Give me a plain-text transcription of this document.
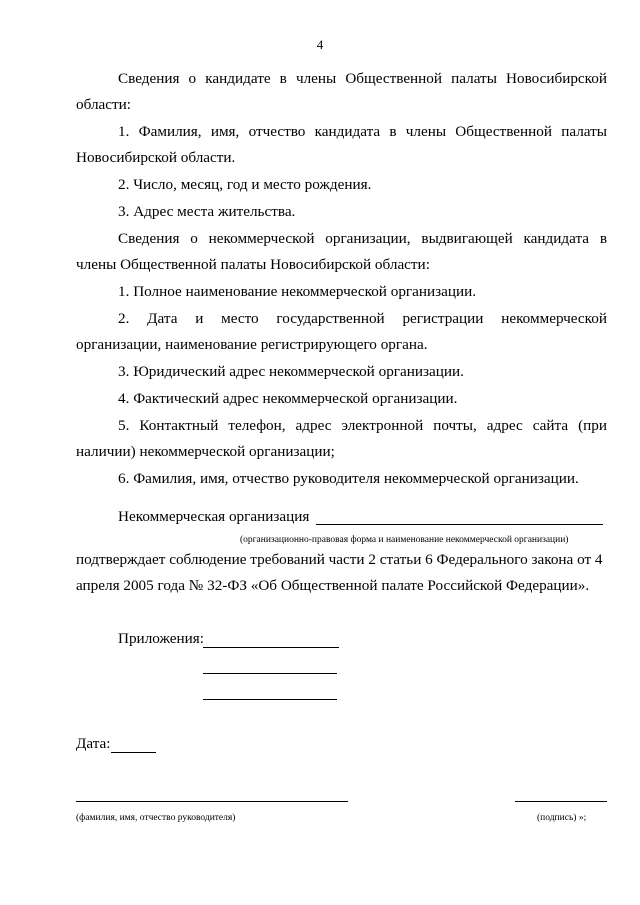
4

Сведения о кандидате в члены Общественной палаты Новосибирской области:

1. Фамилия, имя, отчество кандидата в члены Общественной палаты Новосибирской области.

2. Число, месяц, год и место рождения.

3. Адрес места жительства.

Сведения о некоммерческой организации, выдвигающей кандидата в члены Общественной палаты Новосибирской области:

1. Полное наименование некоммерческой организации.

2. Дата и место государственной регистрации некоммерческой организации, наименование регистрирующего органа.

3. Юридический адрес некоммерческой организации.

4. Фактический адрес некоммерческой организации.

5. Контактный телефон, адрес электронной почты, адрес сайта (при наличии) некоммерческой организации;

6. Фамилия, имя, отчество руководителя некоммерческой организации.

Некоммерческая организация
(организационно-правовая форма и наименование некоммерческой организации)
подтверждает соблюдение требований части 2 статьи 6 Федерального закона от 4
апреля 2005 года № 32-ФЗ «Об Общественной палате Российской Федерации».
Приложения:
Дата:
(фамилия, имя, отчество руководителя)	(подпись) »;
